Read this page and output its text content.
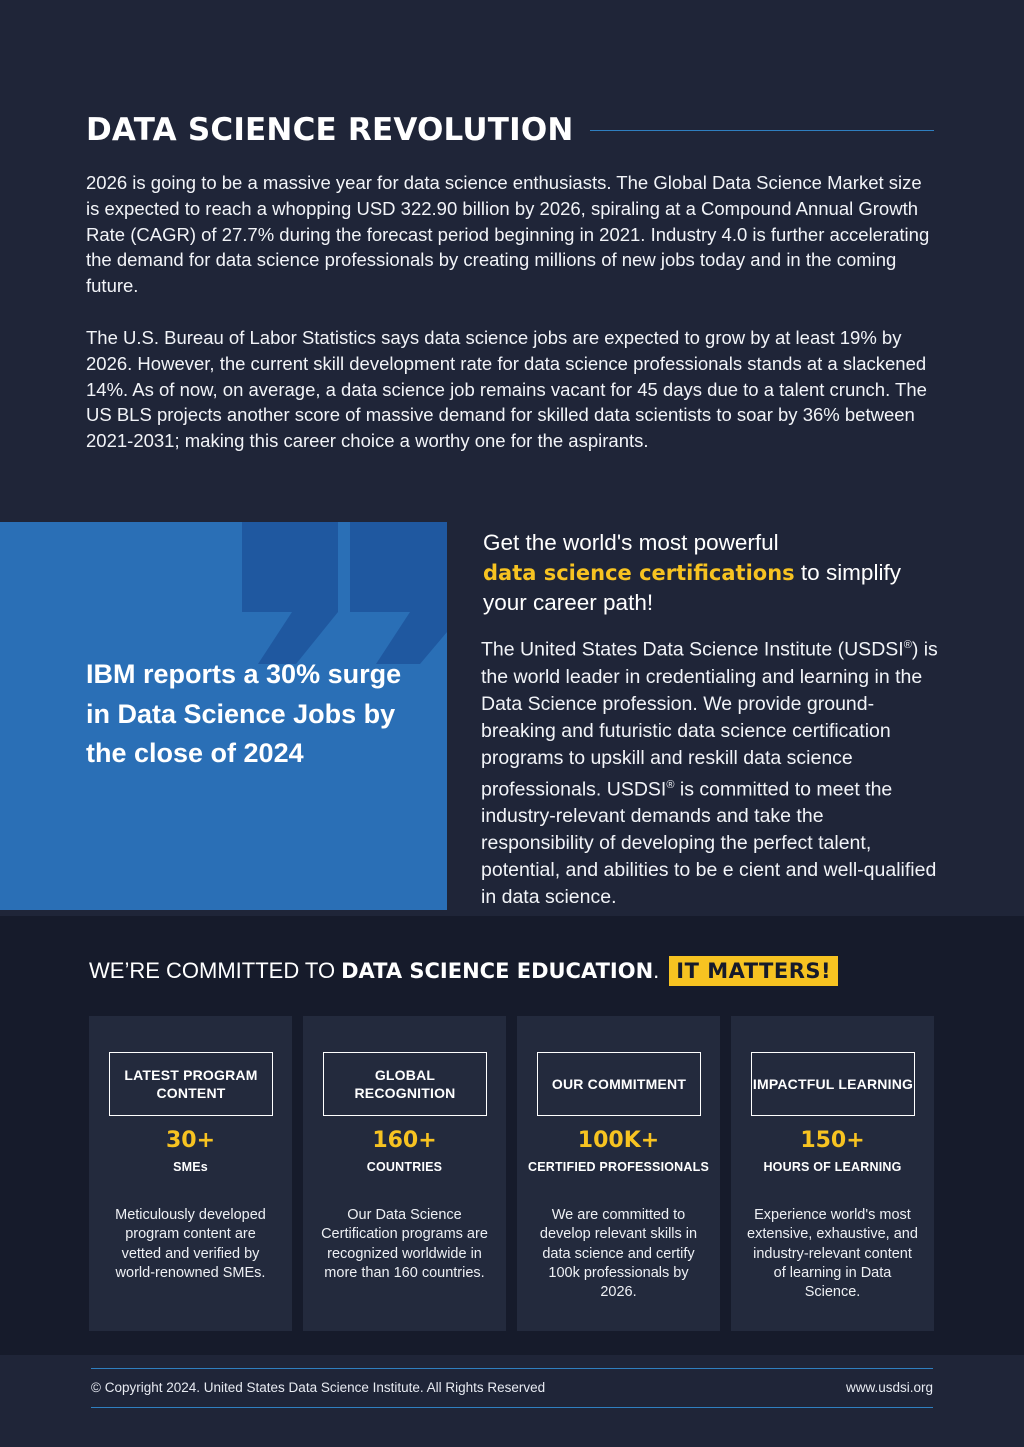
DATA SCIENCE REVOLUTION

2026 is going to be a massive year for data science enthusiasts. The Global Data Science Market size is expected to reach a whopping USD 322.90 billion by 2026, spiraling at a Compound Annual Growth Rate (CAGR) of 27.7% during the forecast period beginning in 2021. Industry 4.0 is further accelerating the demand for data science professionals by creating millions of new jobs today and in the coming future.

The U.S. Bureau of Labor Statistics says data science jobs are expected to grow by at least 19% by 2026. However, the current skill development rate for data science professionals stands at a slackened 14%. As of now, on average, a data science job remains vacant for 45 days due to a talent crunch. The US BLS projects another score of massive demand for skilled data scientists to soar by 36% between 2021-2031; making this career choice a worthy one for the aspirants.

IBM reports a 30% surge in Data Science Jobs by the close of 2024

Get the world's most powerful
data science certifications to simplify your career path!

The United States Data Science Institute (USDSI®) is the world leader in credentialing and learning in the Data Science profession. We provide ground-breaking and futuristic data science certification programs to upskill and reskill data science professionals. USDSI® is committed to meet the industry-relevant demands and take the responsibility of developing the perfect talent, potential, and abilities to be e cient and well-qualified in data science.

WE’RE COMMITTED TO DATA SCIENCE EDUCATION . IT MATTERS!
LATEST PROGRAM CONTENT
30+
SMEs
Meticulously developed program content are vetted and verified by world-renowned SMEs.
GLOBAL RECOGNITION
160+
COUNTRIES
Our Data Science Certification programs are recognized worldwide in more than 160 countries.
OUR COMMITMENT
100K+
CERTIFIED PROFESSIONALS
We are committed to develop relevant skills in data science and certify 100k professionals by 2026.
IMPACTFUL LEARNING
150+
HOURS OF LEARNING
Experience world's most extensive, exhaustive, and industry-relevant content of learning in Data Science.
© Copyright 2024. United States Data Science Institute. All Rights Reserved	www.usdsi.org
